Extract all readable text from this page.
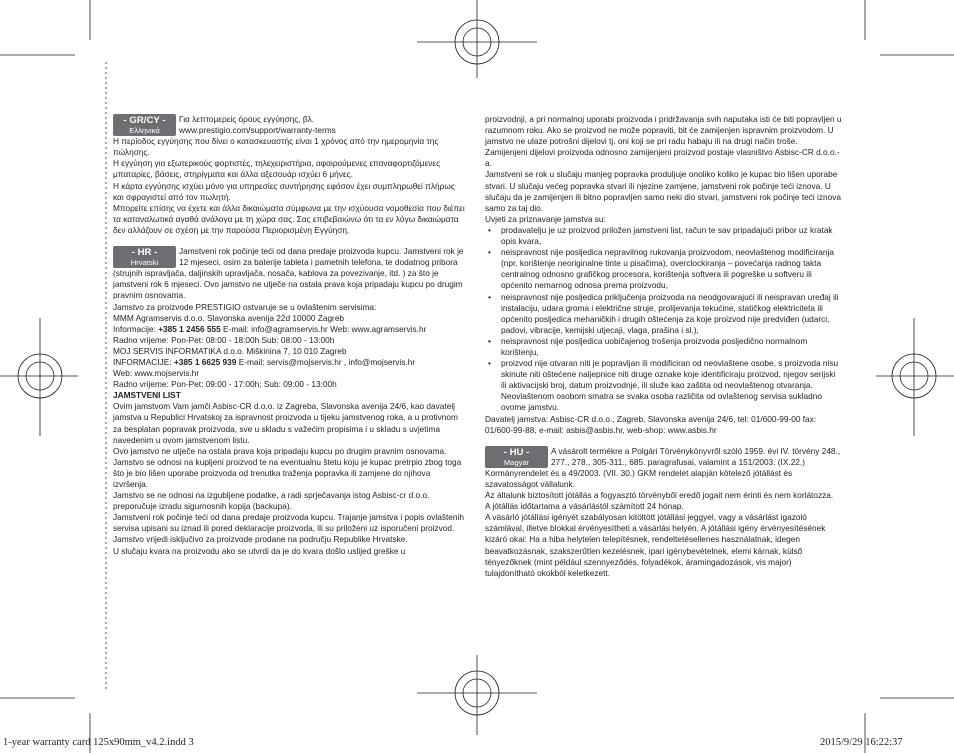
- GR/CY -
Ελληνικά

Για λεπτομερείς όρους εγγύησης, βλ.

www.prestigio.com/support/warranty-terms

Η περίοδος εγγύησης που δίνει ο κατασκευαστής είναι 1 χρόνος από την ημερομηνία της πώλησης.

Η εγγύηση για εξωτερικούς φορτιστές, τηλεχειριστήρια, αφαιρούμενες επαναφορτιζόμενες μπαταρίες, βάσεις, στηρίγματα και άλλα αξεσουάρ ισχύει 6 μήνες.

Η κάρτα εγγύησης ισχύει μόνο για υπηρεσίες συντήρησης εφόσον έχει συμπληρωθεί πλήρως και σφραγιστεί από τον πωλητή.

Μπορείτε επίσης να έχετε και άλλα δικαιώματα σύμφωνα με την ισχύουσα νομοθεσία που διέπει τα καταναλωτικά αγαθά ανάλογα με τη χώρα σας. Σας επιβεβαιώνω ότι τα εν λόγω δικαιώματα δεν αλλάζουν σε σχέση με την παρούσα Περιορισμένη Εγγύηση.

- HR -
Hrvatski

Jamstveni rok počinje teći od dana predaje proizvoda kupcu. Jamstveni rok je 12 mjeseci, osim za baterije tableta i pametnih telefona, te dodatnog pribora (strujnih ispravljača, daljinskih upravljača, nosača, kablova za povezivanje, itd. ) za što je jamstveni rok 6 mjeseci. Ovo jamstvo ne utječe na ostala prava koja pripadaju kupcu po drugim pravnim osnovama.

Jamstvo za proizvode PRESTIGIO ostvaruje se u ovlaštenim servisima:

MMM Agramservis d.o.o. Slavonska avenija 22d 10000 Zagreb

Informacije: +385 1 2456 555 E-mail: info@agramservis.hr Web: www.agramservis.hr

Radno vrijeme: Pon-Pet: 08:00 - 18:00h Sub: 08:00 - 13:00h

MOJ SERVIS INFORMATIKA d.o.o. Miškinina 7, 10 010 Zagreb

INFORMACIJE: +385 1 6625 939 E-mail: servis@mojservis.hr , info@mojservis.hr

Web: www.mojservis.hr

Radno vrijeme: Pon-Pet: 09:00 - 17:00h; Sub: 09:00 - 13:00h

JAMSTVENI LIST

Ovim jamstvom Vam jamči Asbisc-CR d.o.o. iz Zagreba, Slavonska avenija 24/6, kao davatelj jamstva u Republici Hrvatskoj za ispravnost proizvoda u tijeku jamstvenog roka, a u protivnom za besplatan popravak proizvoda, sve u skladu s važećim propisima i u skladu s uvjetima navedenim u ovom jamstvenom listu.

Ovo jamstvo ne utječe na ostala prava koja pripadaju kupcu po drugim pravnim osnovama.

Jamstvo se odnosi na kupljeni proizvod te na eventualnu štetu koju je kupac pretrpio zbog toga što je bio lišen uporabe proizvoda od trenutka traženja popravka ili zamjene do njihova izvršenja.

Jamstvo se ne odnosi na izgubljene podatke, a radi sprječavanja istog Asbisc-cr d.o.o. preporučuje izradu sigurnosnih kopija (backupa).

Jamstveni rok počinje teći od dana predaje proizvoda kupcu. Trajanje jamstva i popis ovlaštenih servisa upisani su iznad ili pored deklaracije proizvoda, ili su priloženi uz isporučeni proizvod. Jamstvo vrijedi isključivo za proizvode prodane na području Republike Hrvatske.

U slučaju kvara na proizvodu ako se utvrdi da je do kvara došlo uslijed greške u

proizvodnji, a pri normalnoj uporabi proizvoda i pridržavanja svih naputaka isti će biti popravljen u razumnom roku. Ako se proizvod ne može popraviti, bit će zamijenjen ispravnim proizvodom. U jamstvo ne ulaze potrošni dijelovi tj. oni koji se pri radu habaju ili na drugi način troše. Zamijenjeni dijelovi proizvoda odnosno zamijenjeni proizvod postaje vlasništvo Asbisc-CR d.o.o.-a.

Jamstveni se rok u slučaju manjeg popravka produljuje onoliko koliko je kupac bio lišen uporabe stvari. U slučaju većeg popravka stvari ili njezine zamjene, jamstveni rok počinje teći iznova. U slučaju da je zamijenjen ili bitno popravljen samo neki dio stvari, jamstveni rok počinje teći iznova samo za taj dio.

Uvjeti za priznavanje jamstva su:

• prodavatelju je uz proizvod priložen jamstveni list, račun te sav pripadajući pribor uz kratak opis kvara,
• neispravnost nije posljedica nepravilnog rukovanja proizvodom, neovlaštenog modificiranja (npr. korištenje neoriginalne tinte u pisačima), overclockiranja – povećanja radnog takta centralnog odnosno grafičkog procesora, korištenja softvera ili pogreške u softveru ili općenito nemarnog odnosa prema proizvodu,
• neispravnost nije posljedica priključenja proizvoda na neodgovarajući ili neispravan uređaj ili instalaciju, udara groma i električne struje, prolijevanja tekućine, statičkog elektriciteta ili općenito posljedica mehaničkih i drugih oštećenja za koje proizvod nije predviđen (udarci, padovi, vibracije, kemijski utjecaji, vlaga, prašina i sl.),
• neispravnost nije posljedica uobičajenog trošenja proizvoda posljedično normalnom korištenju,
• proizvod nije otvaran niti je popravljan ili modificiran od neovlaštene osobe, s proizvoda nisu skinute niti oštećene naljepnice niti druge oznake koje identificiraju proizvod, njegov serijski ili aktivacijski broj, datum proizvodnje, ili služe kao zaštita od neovlaštenog otvaranja. Neovlaštenom osobom smatra se svaka osoba različita od ovlaštenog servisa sukladno ovome jamstvu.

Davatelj jamstva: Asbisc-CR d.o.o., Zagreb, Slavonska avenija 24/6, tel: 01/600-99-00 fax: 01/600-99-88, e-mail: asbis@asbis.hr, web-shop: www.asbis.hr

- HU -
Magyar

A vásárolt termékre a Polgári Törvénykönyvről szóló 1959. évi IV. törvény 248., 277., 278., 305-311., 685. paragrafusai, valamint a 151/2003. (IX.22.) Kormányrendelet és a 49/2003. (VII. 30.) GKM rendelet alapján kötelező jótállást és szavatosságot vállalunk.

Az általunk biztosított jótállás a fogyasztó törvényből eredő jogait nem érinti és nem korlátozza.

A jótállás időtartama a vásárlástól számított 24 hónap.

A vásárló jótállási igényét szabályosan kitöltött jótállási jeggyel, vagy a vásárlást igazoló számlával, illetve blokkal érvényesítheti a vásárlás helyén. A jótállási igény érvényesítésének kizáró okai: Ha a hiba helytelen telepítésnek, rendeltetésellenes használatnak, idegen beavatkozásnak, szakszerűtlen kezelésnek, ipari igénybevételnek, elemi kárnak, külső tényezőknek (mint például szennyeződés, folyadékok, áramingadozások, vis major) tulajdonítható okokból keletkezett.

1-year warranty card 125x90mm_v4.2.indd 3	2015/9/29 16:22:37
